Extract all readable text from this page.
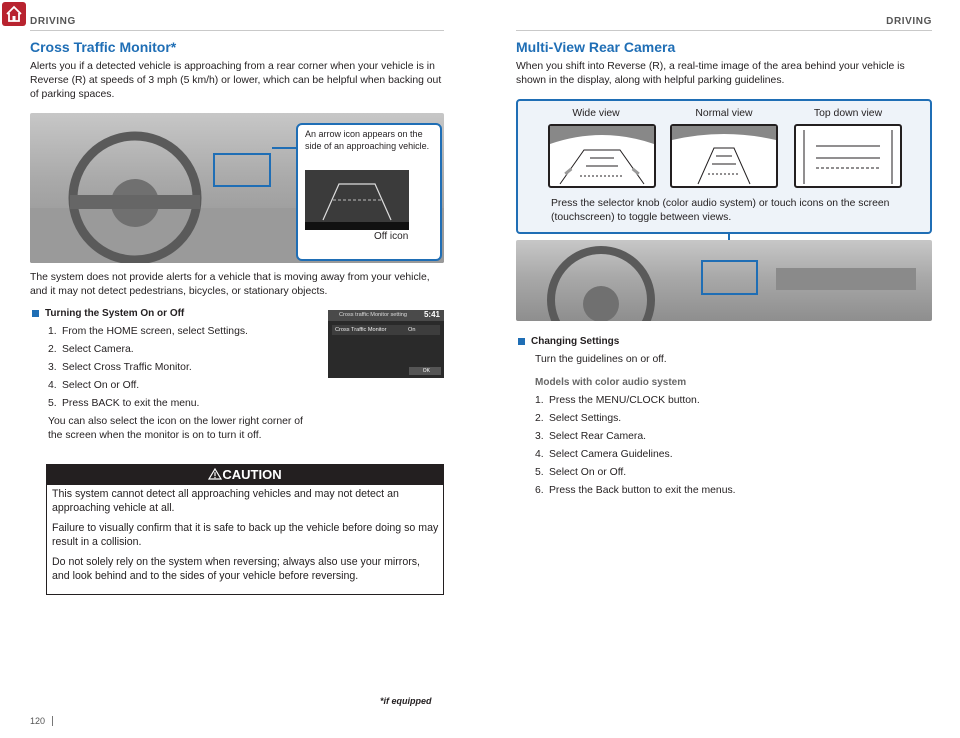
DRIVING	DRIVING
Cross Traffic Monitor*
Alerts you if a detected vehicle is approaching from a rear corner when your vehicle is in Reverse (R) at speeds of 3 mph (5 km/h) or lower, which can be helpful when backing out of parking spaces.
An arrow icon appears on the side of an approaching vehicle.
Off icon
The system does not provide alerts for a vehicle that is moving away from your vehicle, and it may not detect pedestrians, bicycles, or stationary objects.
Turning the System On or Off
1. From the HOME screen, select Settings.
2. Select Camera.
3. Select Cross Traffic Monitor.
4. Select On or Off.
5. Press BACK to exit the menu.
You can also select the icon on the lower right corner of the screen when the monitor is on to turn it off.
Cross traffic Monitor setting 5:41
Cross Traffic Monitor	On
OK
CAUTION
This system cannot detect all approaching vehicles and may not detect an approaching vehicle at all.
Failure to visually confirm that it is safe to back up the vehicle before doing so may result in a collision.
Do not solely rely on the system when reversing; always also use your mirrors, and look behind and to the sides of your vehicle before reversing.
*if equipped
120
Multi-View Rear Camera
When you shift into Reverse (R), a real-time image of the area behind your vehicle is shown in the display, along with helpful parking guidelines.
Wide view	Normal view	Top down view
Press the selector knob (color audio system) or touch icons on the screen (touchscreen) to toggle between views.
Changing Settings
Turn the guidelines on or off.
Models with color audio system
1. Press the MENU/CLOCK button.
2. Select Settings.
3. Select Rear Camera.
4. Select Camera Guidelines.
5. Select On or Off.
6. Press the Back button to exit the menus.
